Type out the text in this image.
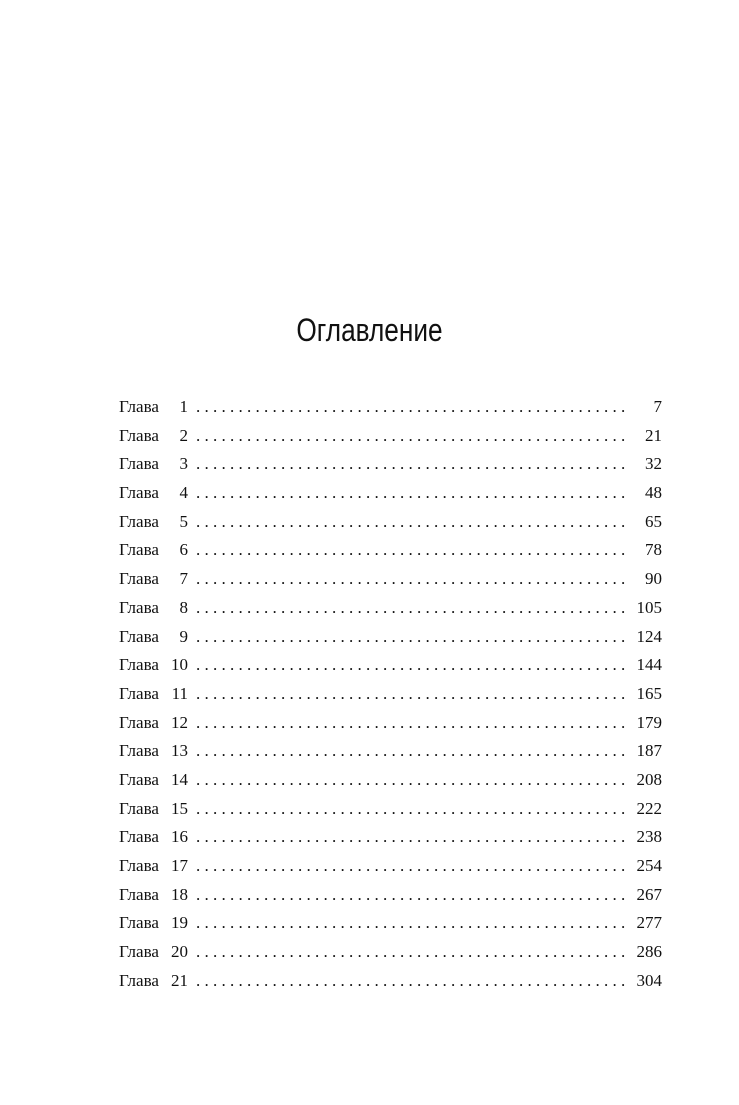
Оглавление
Глава	1 . . .	7
Глава	2 . . .	21
Глава	3 . . .	32
Глава	4 . . .	48
Глава	5 . . .	65
Глава	6 . . .	78
Глава	7 . . .	90
Глава	8 . . .	105
Глава	9 . . .	124
Глава 10 . . .	144
Глава 11 . . .	165
Глава 12 . . .	179
Глава 13 . . .	187
Глава 14 . . .	208
Глава 15 . . .	222
Глава 16 . . .	238
Глава 17 . . .	254
Глава 18 . . .	267
Глава 19 . . .	277
Глава 20 . . .	286
Глава 21 . . .	304
